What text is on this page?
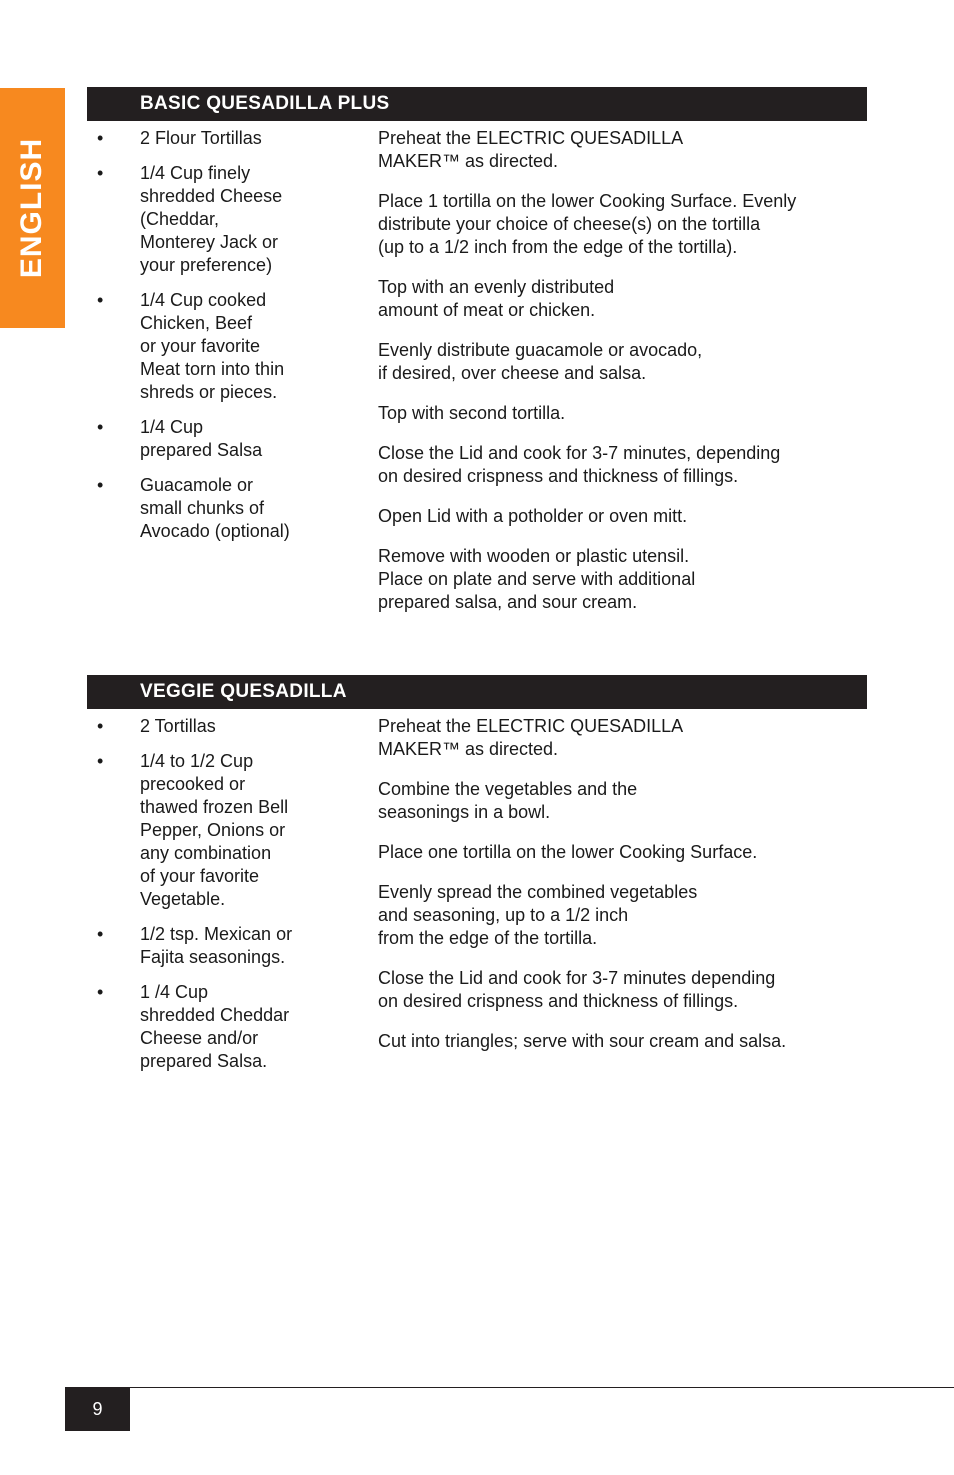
ENGLISH
BASIC QUESADILLA PLUS
• 2 Flour Tortillas
• 1/4 Cup finely
shredded Cheese
(Cheddar,
Monterey Jack or
your preference)
• 1/4 Cup cooked
Chicken, Beef
or your favorite
Meat torn into thin
shreds or pieces.
• 1/4 Cup
prepared Salsa
• Guacamole or
small chunks of
Avocado (optional)

Preheat the ELECTRIC QUESADILLA
MAKER™ as directed.

Place 1 tortilla on the lower Cooking Surface. Evenly
distribute your choice of cheese(s) on the tortilla
(up to a 1/2 inch from the edge of the tortilla).

Top with an evenly distributed
amount of meat or chicken.

Evenly distribute guacamole or avocado,
if desired, over cheese and salsa.

Top with second tortilla.

Close the Lid and cook for 3-7 minutes, depending
on desired crispness and thickness of fillings.

Open Lid with a potholder or oven mitt.

Remove with wooden or plastic utensil.
Place on plate and serve with additional
prepared salsa, and sour cream.

VEGGIE QUESADILLA
• 2 Tortillas
• 1/4 to 1/2 Cup
precooked or
thawed frozen Bell
Pepper, Onions or
any combination
of your favorite
Vegetable.
• 1/2 tsp. Mexican or
Fajita seasonings.
• 1 /4 Cup
shredded Cheddar
Cheese and/or
prepared Salsa.

Preheat the ELECTRIC QUESADILLA
MAKER™ as directed.

Combine the vegetables and the
seasonings in a bowl.

Place one tortilla on the lower Cooking Surface.

Evenly spread the combined vegetables
and seasoning, up to a 1/2 inch
from the edge of the tortilla.

Close the Lid and cook for 3-7 minutes depending
on desired crispness and thickness of fillings.

Cut into triangles; serve with sour cream and salsa.

9
